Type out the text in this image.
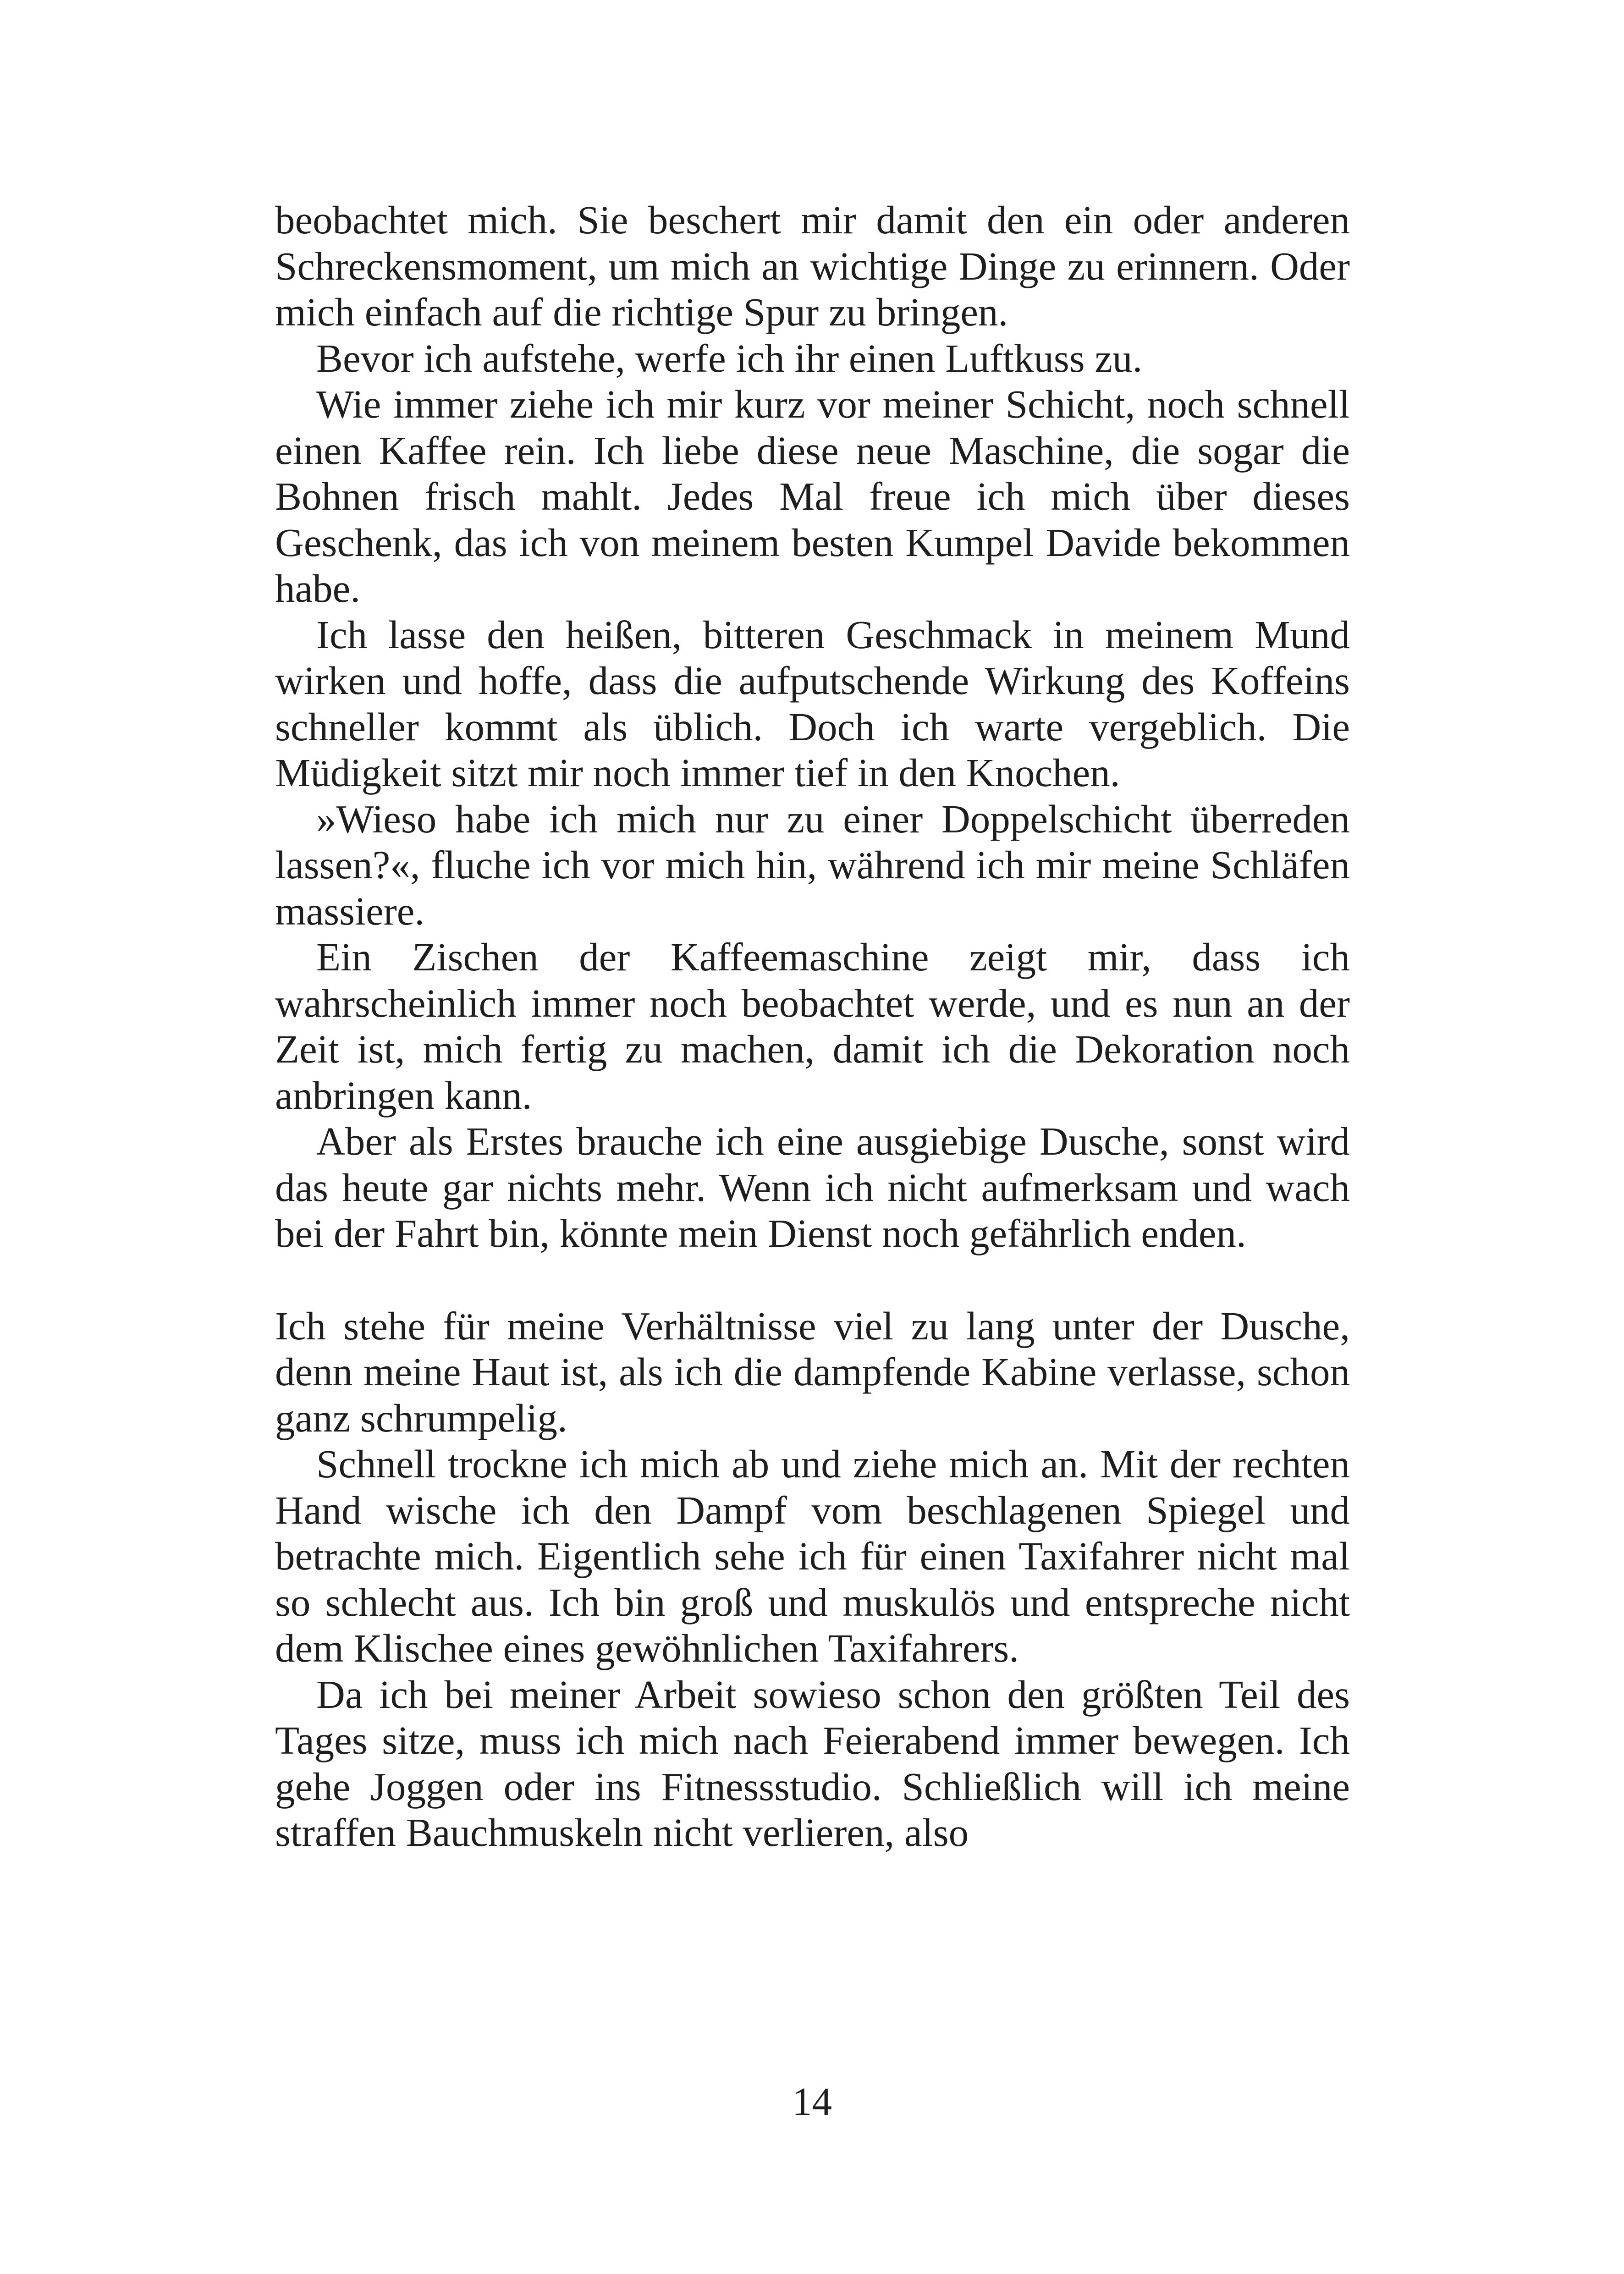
beobachtet mich. Sie beschert mir damit den ein oder anderen Schreckensmoment, um mich an wichtige Dinge zu erinnern. Oder mich einfach auf die richtige Spur zu bringen.

Bevor ich aufstehe, werfe ich ihr einen Luftkuss zu.

Wie immer ziehe ich mir kurz vor meiner Schicht, noch schnell einen Kaffee rein. Ich liebe diese neue Maschine, die sogar die Bohnen frisch mahlt. Jedes Mal freue ich mich über dieses Geschenk, das ich von meinem besten Kumpel Davide bekommen habe.

Ich lasse den heißen, bitteren Geschmack in meinem Mund wirken und hoffe, dass die aufputschende Wirkung des Koffeins schneller kommt als üblich. Doch ich warte vergeblich. Die Müdigkeit sitzt mir noch immer tief in den Knochen.

»Wieso habe ich mich nur zu einer Doppelschicht überreden lassen?«, fluche ich vor mich hin, während ich mir meine Schläfen massiere.

Ein Zischen der Kaffeemaschine zeigt mir, dass ich wahrscheinlich immer noch beobachtet werde, und es nun an der Zeit ist, mich fertig zu machen, damit ich die Dekoration noch anbringen kann.

Aber als Erstes brauche ich eine ausgiebige Dusche, sonst wird das heute gar nichts mehr. Wenn ich nicht aufmerksam und wach bei der Fahrt bin, könnte mein Dienst noch gefährlich enden.

Ich stehe für meine Verhältnisse viel zu lang unter der Dusche, denn meine Haut ist, als ich die dampfende Kabine verlasse, schon ganz schrumpelig.

Schnell trockne ich mich ab und ziehe mich an. Mit der rechten Hand wische ich den Dampf vom beschlagenen Spiegel und betrachte mich. Eigentlich sehe ich für einen Taxifahrer nicht mal so schlecht aus. Ich bin groß und muskulös und entspreche nicht dem Klischee eines gewöhnlichen Taxifahrers.

Da ich bei meiner Arbeit sowieso schon den größten Teil des Tages sitze, muss ich mich nach Feierabend immer bewegen. Ich gehe Joggen oder ins Fitnessstudio. Schließlich will ich meine straffen Bauchmuskeln nicht verlieren, also

14
